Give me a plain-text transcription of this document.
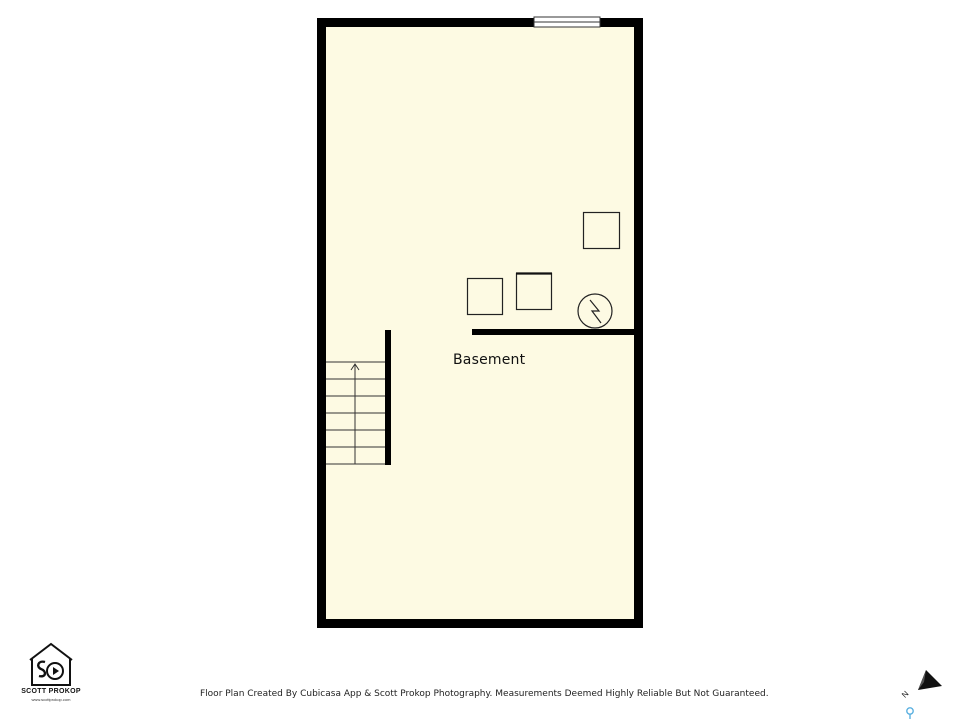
Basement
SCOTT PROKOP
www.scottprokop.com
Floor Plan Created By Cubicasa App & Scott Prokop Photography. Measurements Deemed Highly Reliable But Not Guaranteed.	N
